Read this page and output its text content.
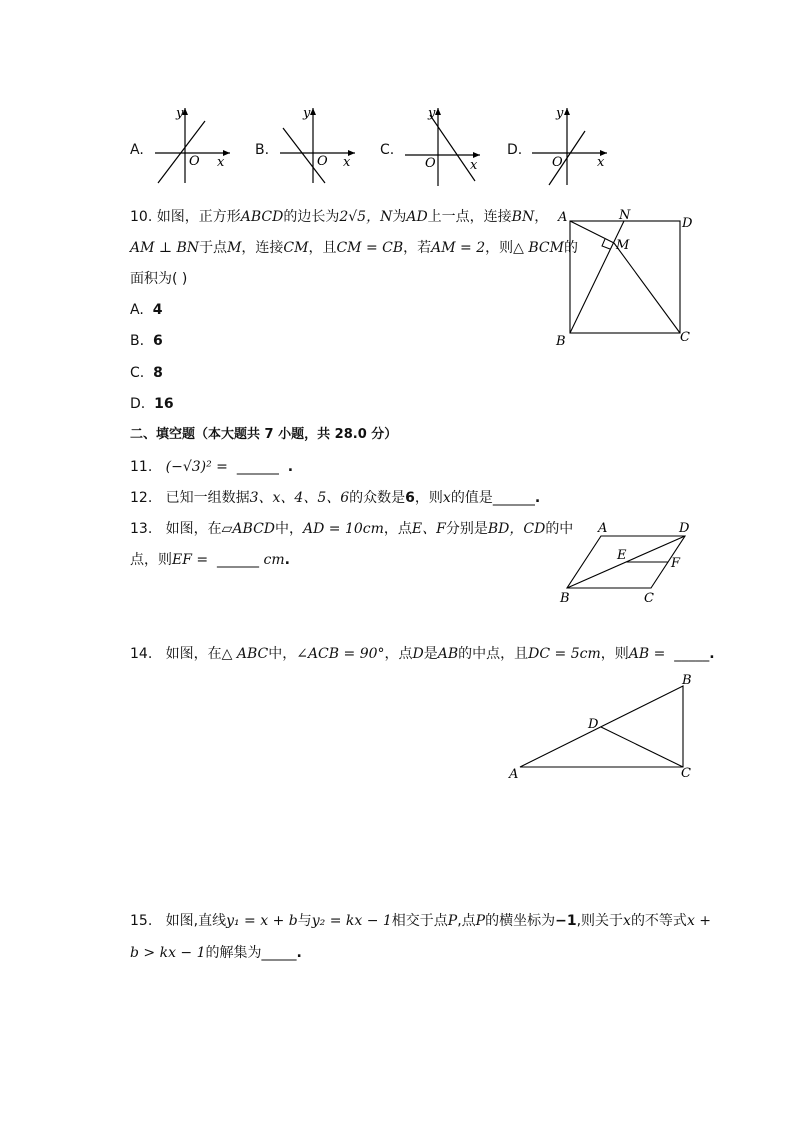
A.	B.	C.	D.
y
x
O
y
x
O
y
x
O
y
x
O
10. 如图，正方形ABCD的边长为2√5，N为AD上一点，连接BN，
AM ⊥ BN于点M，连接CM，且CM = CB，若AM = 2，则△ BCM的
面积为( )
A. 4
B. 6
C. 8
D. 16
A	N
D
M
B	C
二、填空题（本大题共 7 小题，共 28.0 分）
11. (−√3)² = ______ .
12. 已知一组数据3、x、4、5、6的众数是6，则x的值是______.
13. 如图，在▱ABCD中，AD = 10cm，点E、F分别是BD，CD的中
点，则EF = ______ cm.
A	D
E
F
B	C
14. 如图，在△ ABC中，∠ACB = 90°，点D是AB的中点，且DC = 5cm，则AB = _____.
B
D
A	C
15. 如图,直线y₁ = x + b与y₂ = kx − 1相交于点P,点P的横坐标为−1,则关于x的不等式x +
b > kx − 1的解集为_____.
